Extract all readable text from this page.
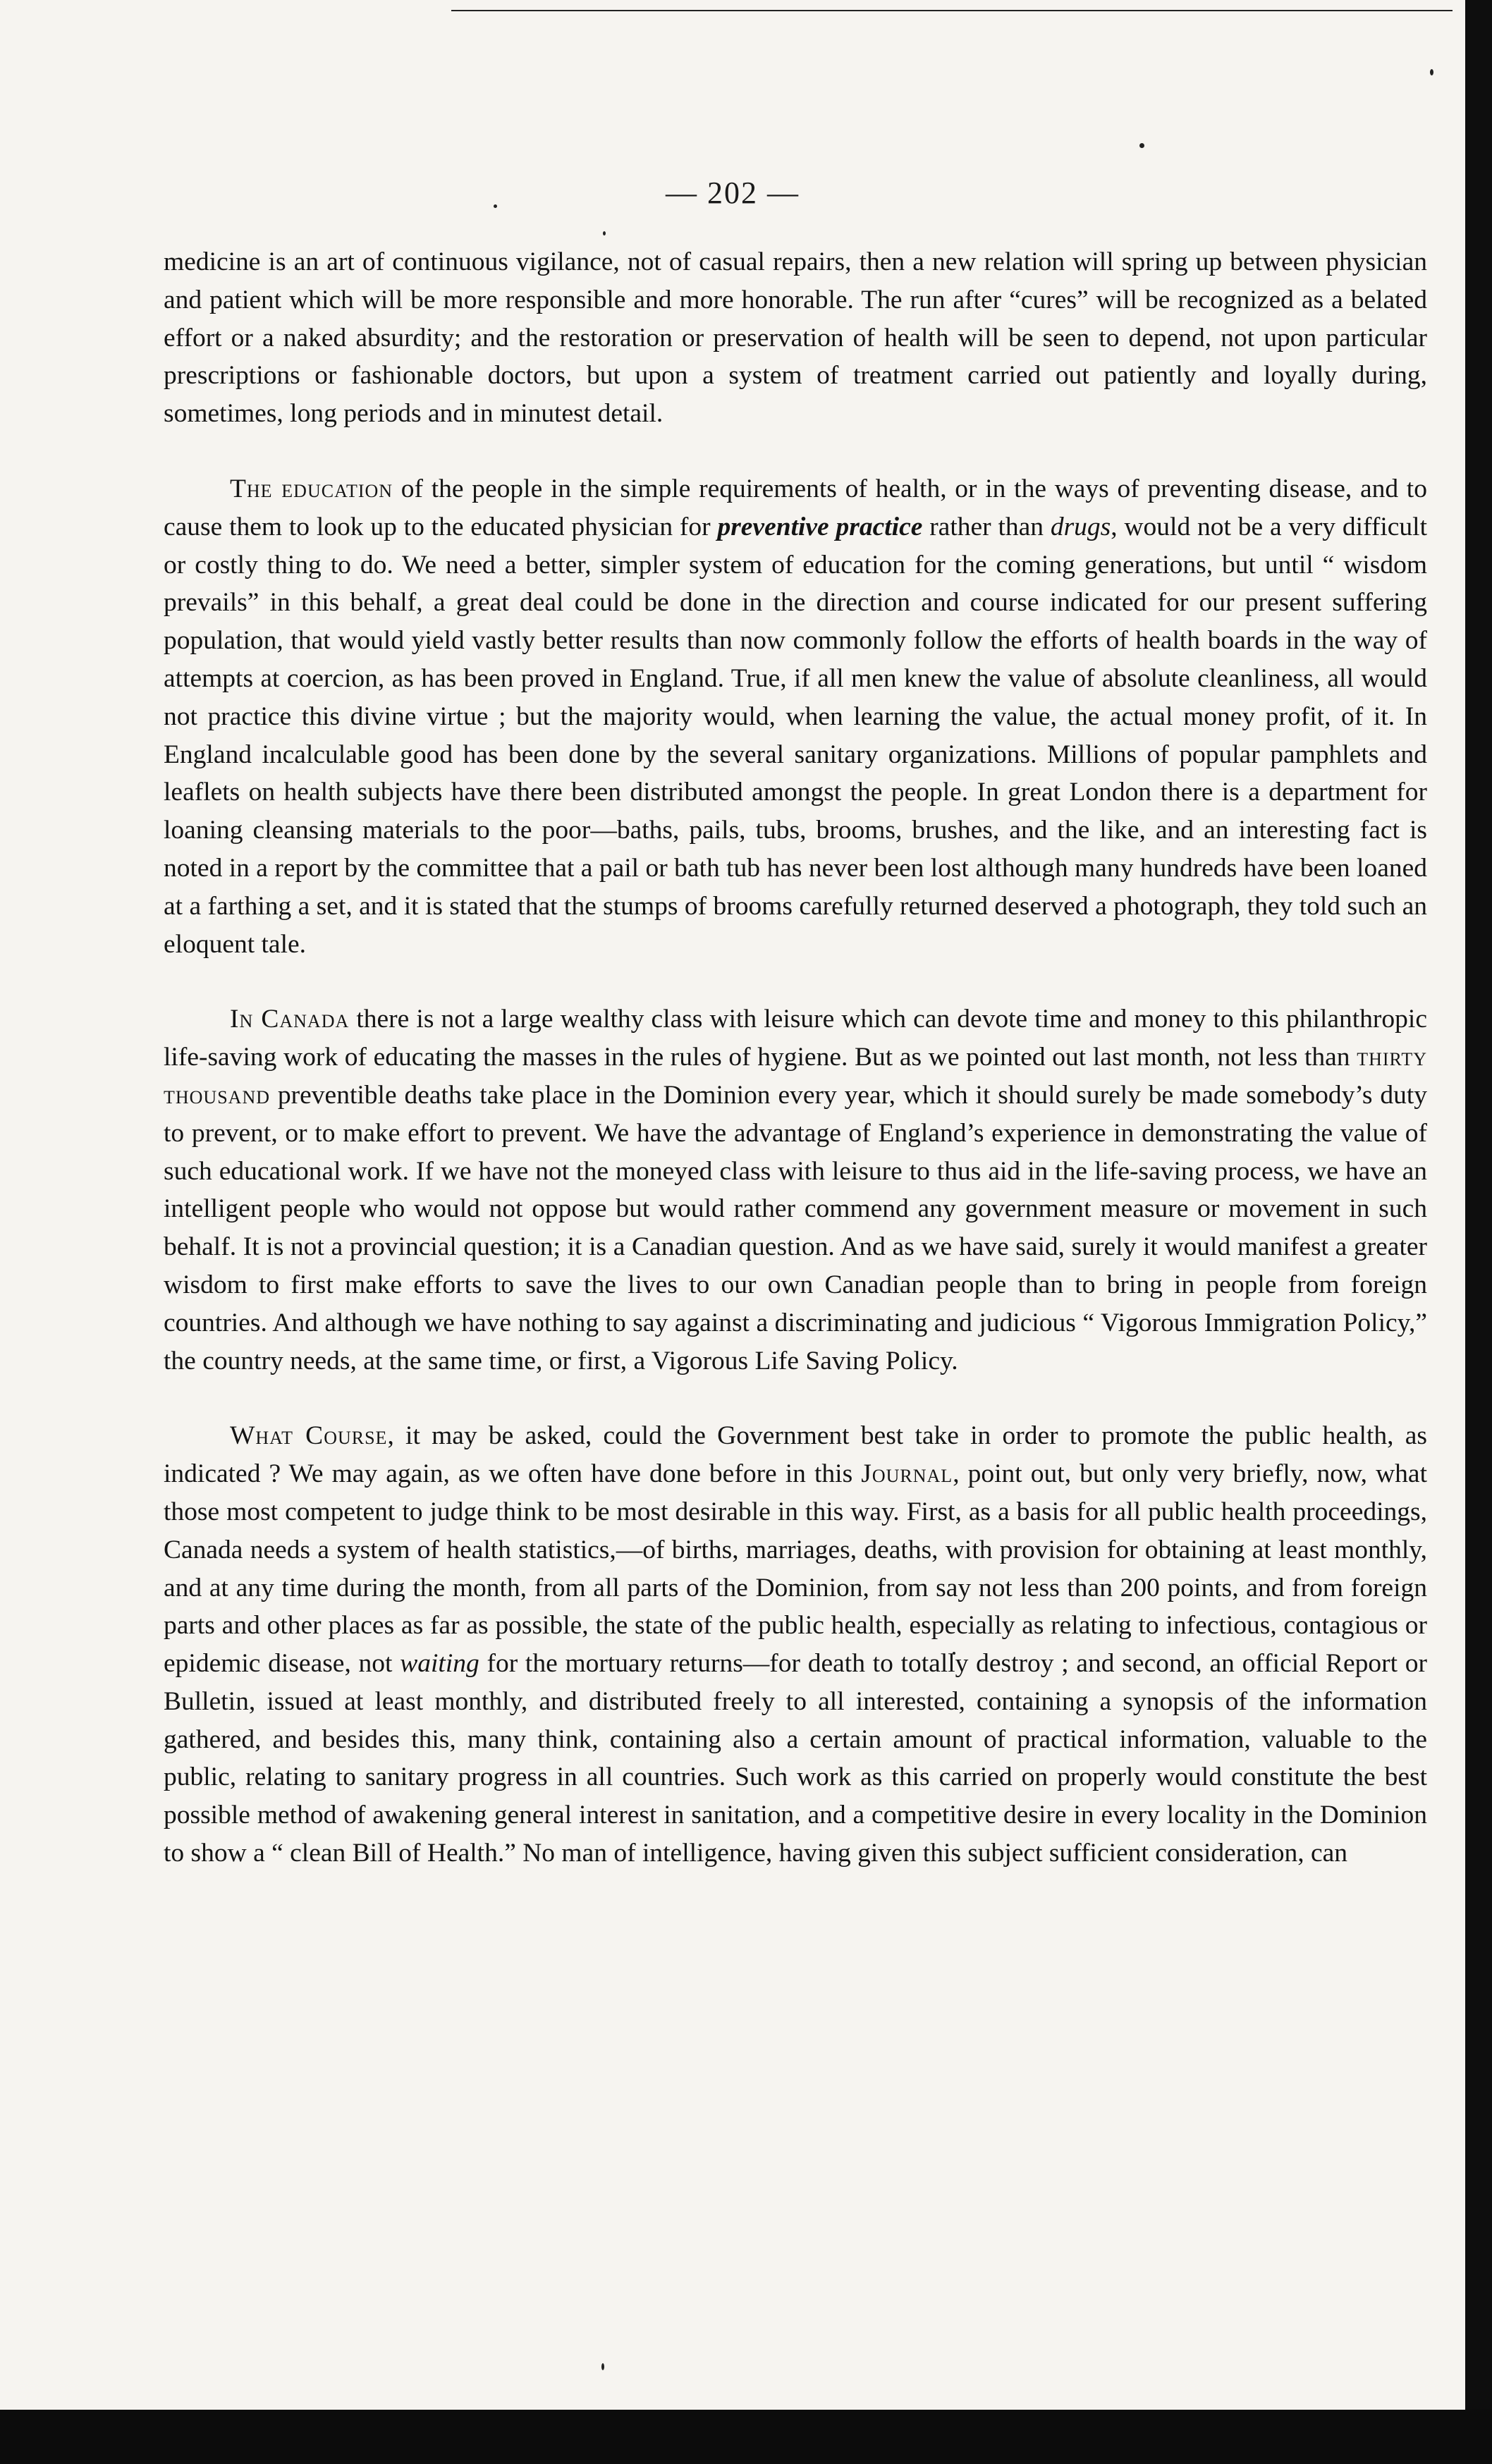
— 202 —

medicine is an art of continuous vigilance, not of casual repairs, then a new relation will spring up between physician and patient which will be more responsible and more honorable. The run after “cures” will be recognized as a belated effort or a naked absurdity; and the restoration or preservation of health will be seen to depend, not upon particular prescriptions or fashionable doctors, but upon a system of treatment carried out patiently and loyally during, sometimes, long periods and in minutest detail.

The education of the people in the simple requirements of health, or in the ways of preventing disease, and to cause them to look up to the educated physician for preventive practice rather than drugs, would not be a very difficult or costly thing to do. We need a better, simpler system of education for the coming generations, but until “ wisdom prevails” in this behalf, a great deal could be done in the direction and course indicated for our present suffering population, that would yield vastly better results than now commonly follow the efforts of health boards in the way of attempts at coercion, as has been proved in England. True, if all men knew the value of absolute cleanliness, all would not practice this divine virtue ; but the majority would, when learning the value, the actual money profit, of it. In England incalculable good has been done by the several sanitary organizations. Millions of popular pamphlets and leaflets on health subjects have there been distributed amongst the people. In great London there is a department for loaning cleansing materials to the poor—baths, pails, tubs, brooms, brushes, and the like, and an interesting fact is noted in a report by the committee that a pail or bath tub has never been lost although many hundreds have been loaned at a farthing a set, and it is stated that the stumps of brooms carefully returned deserved a photograph, they told such an eloquent tale.

In Canada there is not a large wealthy class with leisure which can devote time and money to this philanthropic life-saving work of educating the masses in the rules of hygiene. But as we pointed out last month, not less than thirty thousand preventible deaths take place in the Dominion every year, which it should surely be made somebody’s duty to prevent, or to make effort to prevent. We have the advantage of England’s experience in demonstrating the value of such educational work. If we have not the moneyed class with leisure to thus aid in the life-saving process, we have an intelligent people who would not oppose but would rather commend any government measure or movement in such behalf. It is not a provincial question; it is a Canadian question. And as we have said, surely it would manifest a greater wisdom to first make efforts to save the lives to our own Canadian people than to bring in people from foreign countries. And although we have nothing to say against a discriminating and judicious “ Vigorous Immigration Policy,” the country needs, at the same time, or first, a Vigorous Life Saving Policy.

What Course, it may be asked, could the Government best take in order to promote the public health, as indicated ? We may again, as we often have done before in this Journal, point out, but only very briefly, now, what those most competent to judge think to be most desirable in this way. First, as a basis for all public health proceedings, Canada needs a system of health statistics,—of births, marriages, deaths, with provision for obtaining at least monthly, and at any time during the month, from all parts of the Dominion, from say not less than 200 points, and from foreign parts and other places as far as possible, the state of the public health, especially as relating to infectious, contagious or epidemic disease, not waiting for the mortuary returns—for death to totally destroy ; and second, an official Report or Bulletin, issued at least monthly, and distributed freely to all interested, containing a synopsis of the information gathered, and besides this, many think, containing also a certain amount of practical information, valuable to the public, relating to sanitary progress in all countries. Such work as this carried on properly would constitute the best possible method of awakening general interest in sanitation, and a competitive desire in every locality in the Dominion to show a “ clean Bill of Health.” No man of intelligence, having given this subject sufficient consideration, can
